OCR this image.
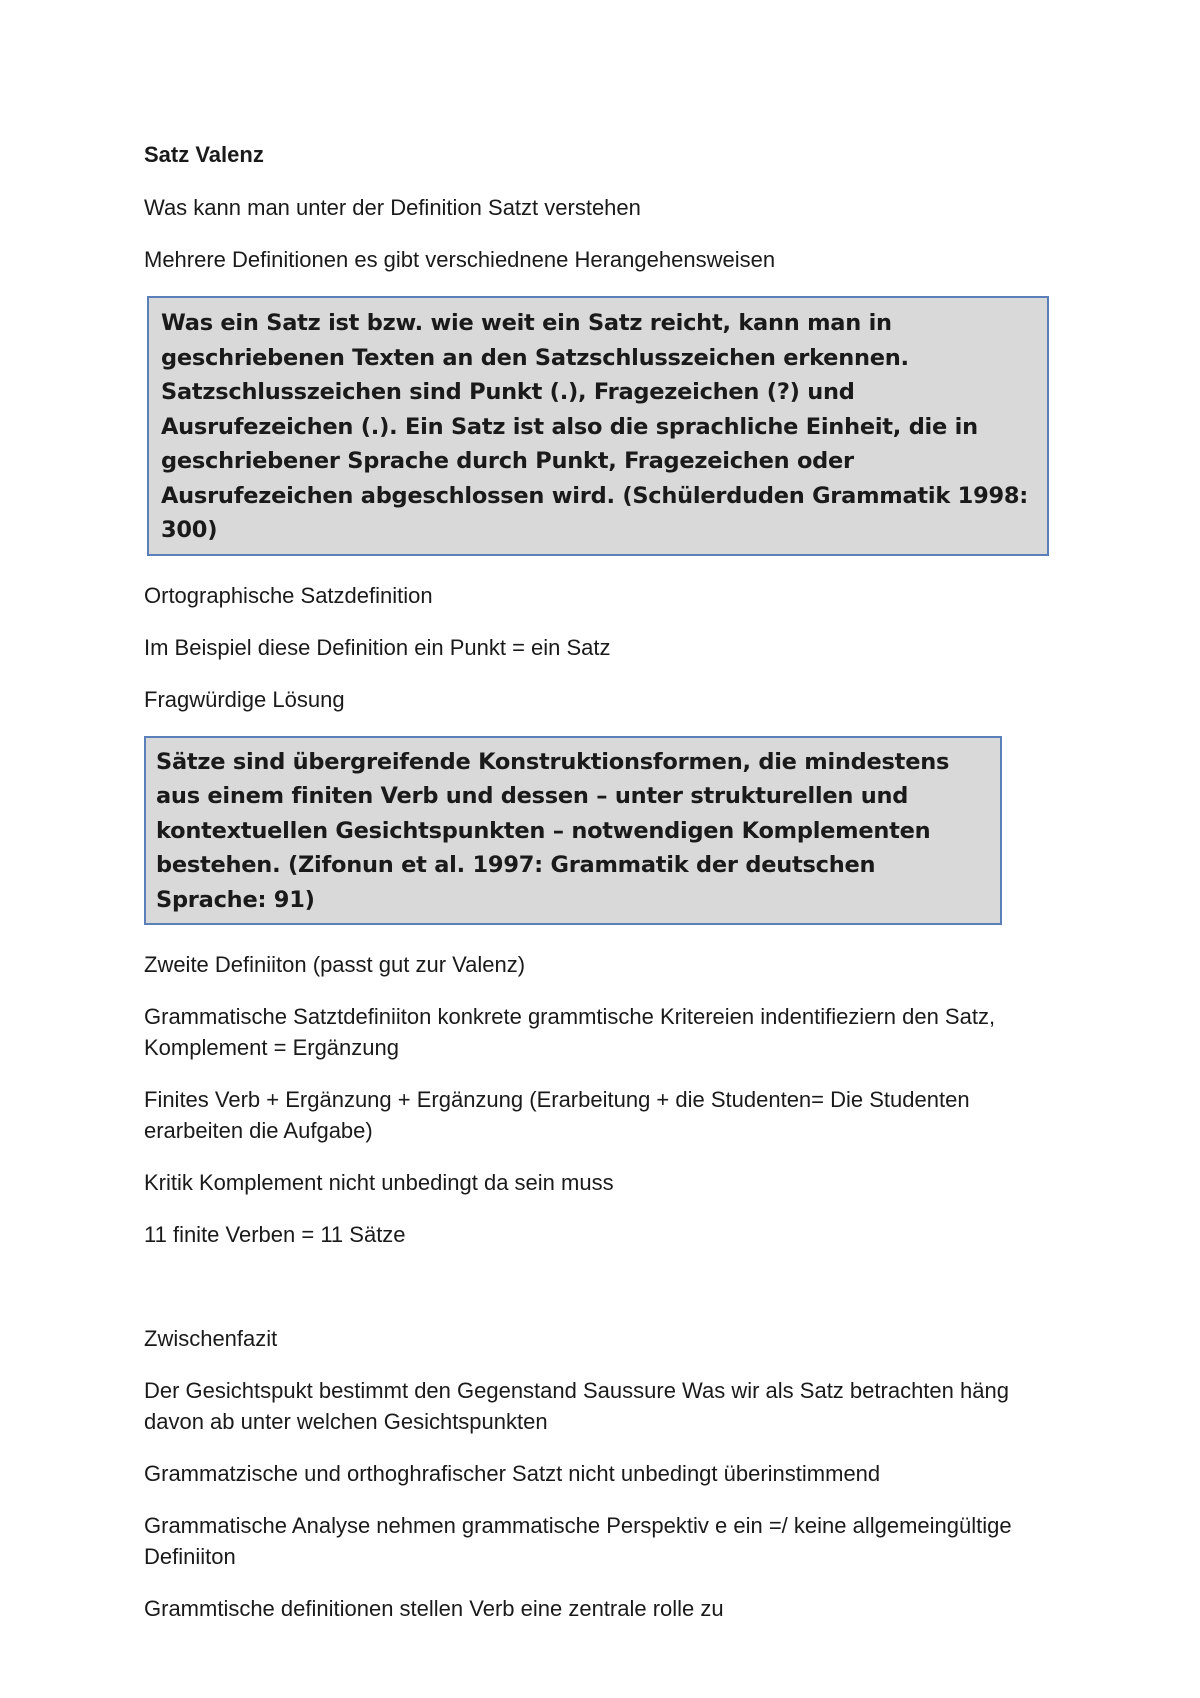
Satz Valenz

Was kann man unter der Definition Satzt verstehen

Mehrere Definitionen es gibt verschiednene Herangehensweisen

Was ein Satz ist bzw. wie weit ein Satz reicht, kann man in geschriebenen Texten an den Satzschlusszeichen erkennen. Satzschlusszeichen sind Punkt (.), Fragezeichen (?) und Ausrufezeichen (.). Ein Satz ist also die sprachliche Einheit, die in geschriebener Sprache durch Punkt, Fragezeichen oder Ausrufezeichen abgeschlossen wird. (Schülerduden Grammatik 1998: 300)

Ortographische Satzdefinition

Im Beispiel diese Definition ein Punkt = ein Satz

Fragwürdige Lösung

Sätze sind übergreifende Konstruktionsformen, die mindestens aus einem finiten Verb und dessen – unter strukturellen und kontextuellen Gesichtspunkten – notwendigen Komplementen bestehen. (Zifonun et al. 1997: Grammatik der deutschen Sprache: 91)

Zweite Definiiton (passt gut zur Valenz)

Grammatische Satztdefiniiton konkrete grammtische Kritereien indentifieziern den Satz, Komplement = Ergänzung

Finites Verb + Ergänzung + Ergänzung (Erarbeitung + die Studenten= Die Studenten erarbeiten die Aufgabe)

Kritik Komplement nicht unbedingt da sein muss

11 finite Verben = 11 Sätze

Zwischenfazit

Der Gesichtspukt bestimmt den Gegenstand Saussure Was wir als Satz betrachten häng davon ab unter welchen Gesichtspunkten

Grammatzische und orthoghrafischer Satzt nicht unbedingt überinstimmend

Grammatische Analyse nehmen grammatische Perspektiv e ein =/ keine allgemeingültige Definiiton

Grammtische definitionen stellen Verb eine zentrale rolle zu
